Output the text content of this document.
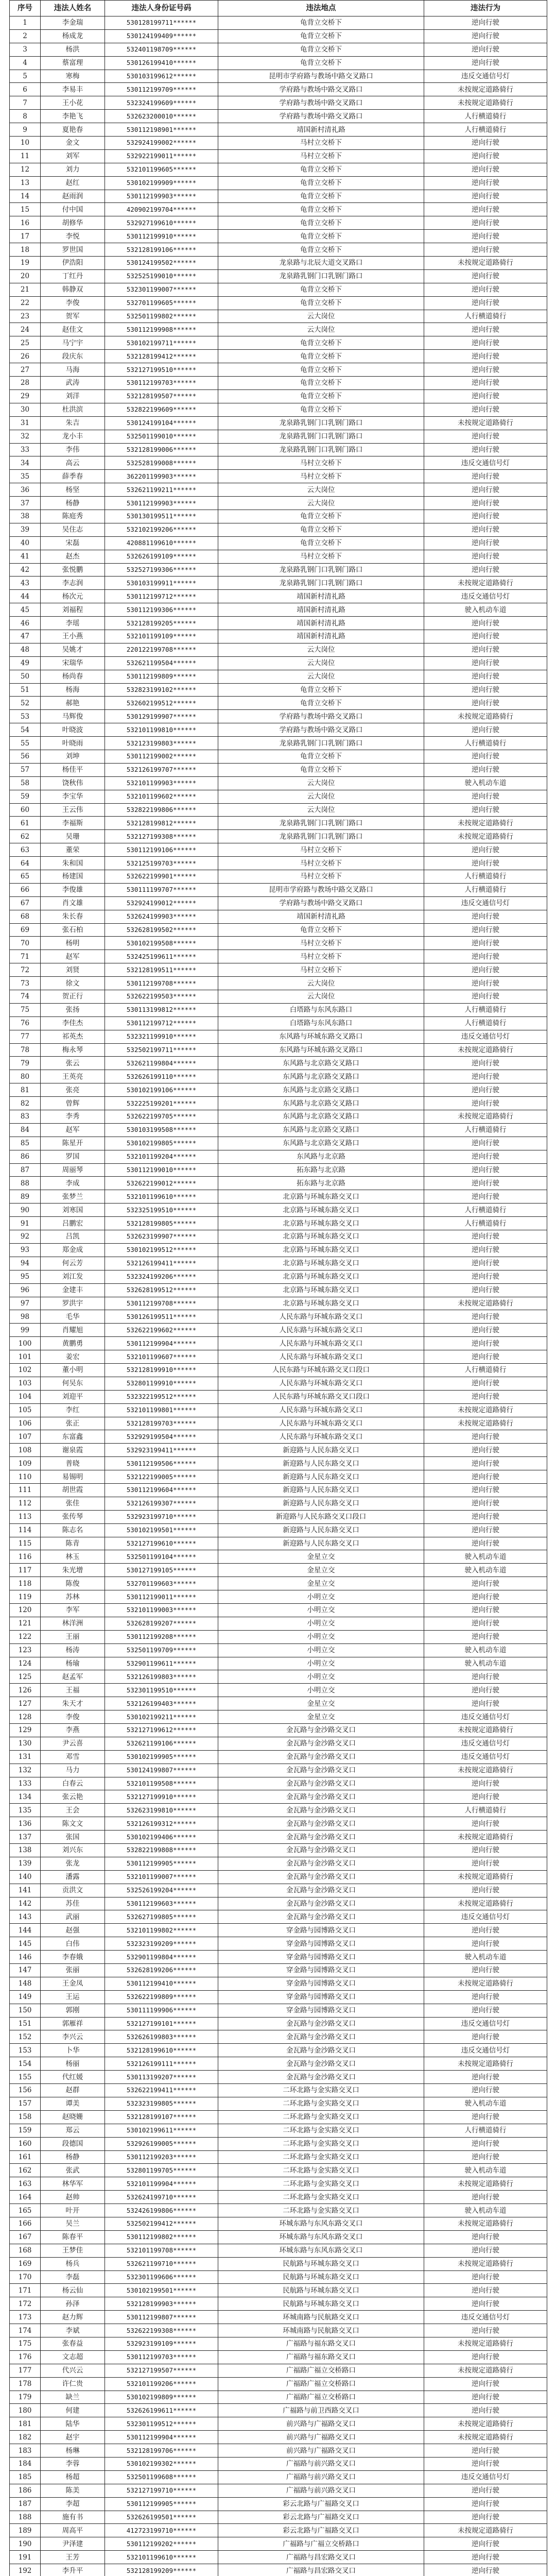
序号	违法人姓名	违法人身份证号码	违法地点	违法行为
1	李金瑞	530128199711******	龟背立交桥下	逆向行驶
2	杨成龙	530124199409******	龟背立交桥下	逆向行驶
3	杨洪	532401198709******	龟背立交桥下	逆向行驶
4	蔡富理	530126199410******	龟背立交桥下	逆向行驶
5	寒梅	530103199612******	昆明市学府路与教场中路交叉路口	违反交通信号灯
6	李易丰	530112199709******	学府路与教场中路交叉路口	未按规定道路骑行
7	王小花	532324199609******	学府路与教场中路交叉路口	未按规定道路骑行
8	李艳飞	532623200010******	学府路与教场中路交叉路口	人行横道骑行
9	夏艳春	530112198901******	靖国新村清礼路	人行横道骑行
10	金文	532924199002******	马村立交桥下	逆向行驶
11	刘军	532922199011******	马村立交桥下	逆向行驶
12	刘力	532101199605******	龟背立交桥下	逆向行驶
13	赵红	530102199909******	龟背立交桥下	逆向行驶
14	赵雨润	530112199903******	龟背立交桥下	逆向行驶
15	付中国	420902199704******	龟背立交桥下	逆向行驶
16	胡修华	532927199610******	龟背立交桥下	逆向行驶
17	李悦	530112199910******	龟背立交桥下	逆向行驶
18	罗世国	532128199106******	龟背立交桥下	逆向行驶
19	伊浩阳	530124199502******	龙泉路与北辰大道交叉路口	未按规定道路骑行
20	丁红丹	532525199010******	龙泉路乳钢门口乳钢门路口	逆向行驶
21	韩静双	532301199007******	龟背立交桥下	逆向行驶
22	李俊	532701199605******	龟背立交桥下	逆向行驶
23	贺军	532501199802******	云大岗位	人行横道骑行
24	赵佳文	530112199908******	云大岗位	逆向行驶
25	马宁宇	530102199711******	龟背立交桥下	逆向行驶
26	段庆东	532128199412******	龟背立交桥下	逆向行驶
27	马海	532127199510******	龟背立交桥下	逆向行驶
28	武涛	530112199703******	龟背立交桥下	逆向行驶
29	刘洋	532128199507******	龟背立交桥下	逆向行驶
30	杜洪滨	532822199609******	龟背立交桥下	逆向行驶
31	朱吉	530124199104******	龙泉路乳钢门口乳钢门路口	未按规定道路骑行
32	龙小丰	532501199010******	龙泉路乳钢门口乳钢门路口	逆向行驶
33	李伟	532128199006******	龙泉路乳钢门口乳钢门路口	逆向行驶
34	高云	532528199008******	马村立交桥下	违反交通信号灯
35	薛季春	362201199903******	马村立交桥下	逆向行驶
36	杨坚	532621199211******	云大岗位	逆向行驶
37	杨静	530112199903******	云大岗位	逆向行驶
38	陈庭秀	530130199511******	龟背立交桥下	逆向行驶
39	吴住志	532102199206******	龟背立交桥下	逆向行驶
40	宋磊	420881199610******	龟背立交桥下	逆向行驶
41	赵杰	532626199109******	马村立交桥下	逆向行驶
42	张悦鹏	532527199306******	龙泉路乳钢门口乳钢门路口	逆向行驶
43	李志润	530103199911******	龙泉路乳钢门口乳钢门路口	未按规定道路骑行
44	杨次元	530112199712******	靖国新村清礼路	违反交通信号灯
45	刘福程	530112199306******	靖国新村清礼路	驶入机动车道
46	李瑶	532128199205******	靖国新村清礼路	逆向行驶
47	王小燕	532101199109******	靖国新村清礼路	逆向行驶
48	吴姚才	220122199708******	云大岗位	逆向行驶
49	宋瑞华	532621199504******	云大岗位	逆向行驶
50	杨尚春	530112199809******	云大岗位	逆向行驶
51	杨海	532823199102******	龟背立交桥下	逆向行驶
52	郝艳	532602199512******	龟背立交桥下	逆向行驶
53	马辉俊	530129199907******	学府路与教场中路交叉路口	未按规定道路骑行
54	叶晓波	532101199810******	学府路与教场中路交叉路口	逆向行驶
55	叶晓雨	532123199803******	龙泉路乳钢门口乳钢门路口	人行横道骑行
56	刘坤	530112199002******	龟背立交桥下	逆向行驶
57	杨佳平	532126199707******	龟背立交桥下	逆向行驶
58	饶秋伟	532101199903******	云大岗位	驶入机动车道
59	李宝华	532101199602******	云大岗位	逆向行驶
60	王云伟	532822199806******	云大岗位	逆向行驶
61	李福斯	532128199812******	龙泉路乳钢门口乳钢门路口	未按规定道路骑行
62	吴珊	532127199308******	龙泉路乳钢门口乳钢门路口	未按规定道路骑行
63	董荣	530112199106******	马村立交桥下	逆向行驶
64	朱和国	532125199703******	马村立交桥下	逆向行驶
65	杨建国	532622199901******	马村立交桥下	人行横道骑行
66	李俊雄	530111199707******	昆明市学府路与教场中路交叉路口	人行横道骑行
67	肖文雄	532924199012******	学府路与教场中路交叉路口	违反交通信号灯
68	朱长春	532624199903******	靖国新村清礼路	逆向行驶
69	张石柏	532628199502******	龟背立交桥下	逆向行驶
70	杨明	530102199508******	马村立交桥下	逆向行驶
71	赵军	532425199611******	马村立交桥下	逆向行驶
72	刘贤	532128199511******	马村立交桥下	逆向行驶
73	徐文	530112199708******	云大岗位	逆向行驶
74	贺正行	532622199503******	云大岗位	逆向行驶
75	张扬	530113199812******	白塔路与东风东路口	人行横道骑行
76	李佳杰	530112199712******	白塔路与东风东路口	人行横道骑行
77	祁英杰	532321199910******	东风路与环城东路交叉路口	违反交通信号灯
78	梅永琴	532502199711******	东风路与环城东路交叉路口	未按规定道路骑行
79	张云	532621199804******	东风路与北京路交叉路口	逆向行驶
80	王英亮	532626199110******	东风路与北京路交叉路口	逆向行驶
81	张亮	530102199106******	东风路与北京路交叉路口	逆向行驶
82	曾辉	532225199201******	东风路与北京路交叉路口	逆向行驶
83	李秀	532622199705******	东风路与北京路交叉路口	未按规定道路骑行
84	赵军	530103199508******	东风路与北京路交叉路口	人行横道骑行
85	陈星开	530102199805******	东风路与北京路交叉路口	逆向行驶
86	罗国	532101199204******	东风路与北京路	逆向行驶
87	周丽琴	530112199010******	拓东路与北京路	逆向行驶
88	李成	532622199012******	拓东路与北京路	逆向行驶
89	张梦兰	532101199610******	北京路与环城东路交叉口	逆向行驶
90	刘寒国	532325199510******	北京路与环城东路交叉口	人行横道骑行
91	吕鹏宏	532128199805******	北京路与环城东路交叉口	人行横道骑行
92	吕凯	532623199907******	北京路与环城东路交叉口	逆向行驶
93	郑金成	530102199512******	北京路与环城东路交叉口	逆向行驶
94	何云芳	532126199411******	北京路与环城东路交叉口	逆向行驶
95	刘江发	532324199206******	北京路与环城东路交叉口	逆向行驶
96	金建丰	532628199512******	北京路与环城东路交叉口	逆向行驶
97	罗洪宇	530112199708******	北京路与环城东路交叉口	未按规定道路骑行
98	毛华	530126199511******	人民东路与环城东路交叉口	逆向行驶
99	肖耀旭	532622199602******	人民东路与环城东路交叉口	逆向行驶
100	黄鹏勇	530112199904******	人民东路与环城东路交叉口	逆向行驶
101	姜宏	532101199607******	人民东路与环城东路交叉口	逆向行驶
102	董小明	532128199910******	人民东路与环城东路交叉口段口	人行横道骑行
103	何吴东	532801199910******	人民东路与环城东路交叉口	逆向行驶
104	刘迎平	532322199512******	人民东路与环城东路交叉口段口	逆向行驶
105	李红	532101199801******	人民东路与环城东路交叉口	未按规定道路骑行
106	张正	532128199703******	人民东路与环城东路交叉口	未按规定道路骑行
107	东富鑫	532929199504******	人民东路与环城东路交叉口	逆向行驶
108	谢泉霞	532923199411******	新迎路与人民东路交叉口	逆向行驶
109	普晓	530112199506******	新迎路与人民东路交叉口	逆向行驶
110	易锡明	532122199005******	新迎路与人民东路交叉口	逆向行驶
111	胡世霞	530112199604******	新迎路与人民东路交叉口	逆向行驶
112	张佳	532126199307******	新迎路与人民东路交叉口	逆向行驶
113	张传琴	532923199710******	新迎路与人民东路交叉口段口	逆向行驶
114	陈志名	530102199501******	新迎路与人民东路交叉口	逆向行驶
115	陈青	532127199610******	新迎路与人民东路交叉口	逆向行驶
116	林玉	532501199104******	金星立交	驶入机动车道
117	朱光增	530127199105******	金星立交	驶入机动车道
118	陈俊	532701199603******	金星立交	逆向行驶
119	苏林	530112199011******	小明立交	逆向行驶
120	李军	532101199003******	小明立交	逆向行驶
121	林洋洲	532628199207******	小明立交	逆向行驶
122	王丽	530112199208******	小明立交	逆向行驶
123	杨涛	532501199709******	小明立交	驶入机动车道
124	杨瑜	532901199611******	小明立交	驶入机动车道
125	赵孟军	532126199803******	小明立交	逆向行驶
126	王福	532301199510******	小明立交	逆向行驶
127	朱天才	532126199403******	金星立交	逆向行驶
128	李俊	530102199211******	金星立交	违反交通信号灯
129	李燕	532127199612******	金瓦路与金沙路交叉口	未按规定道路骑行
130	尹云喜	532621199106******	金瓦路与金沙路交叉口	违反交通信号灯
131	邓雪	530102199905******	金瓦路与金沙路交叉口	违反交通信号灯
132	马力	530124199807******	金瓦路与金沙路交叉口	未按规定道路骑行
133	白春云	532101199508******	金瓦路与金沙路交叉口	逆向行驶
134	张云艳	532127199910******	金瓦路与金沙路交叉口	逆向行驶
135	王会	532623199810******	金瓦路与金沙路交叉口	人行横道骑行
136	陈文文	532126199312******	金瓦路与金沙路交叉口	逆向行驶
137	张国	530102199406******	金瓦路与金沙路交叉口	未按规定道路骑行
138	刘兴东	532822199808******	金瓦路与金沙路交叉口	逆向行驶
139	张龙	530112199905******	金瓦路与金沙路交叉口	逆向行驶
140	潘露	532101199007******	金瓦路与金沙路交叉口	未按规定道路骑行
141	贡洪文	532526199204******	金瓦路与金沙路交叉口	逆向行驶
142	苏佳	530112199603******	金瓦路与金沙路交叉口	未按规定道路骑行
143	武丽	532627199805******	金瓦路与金沙路交叉口	违反交通信号灯
144	赵强	532101199802******	穿金路与园博路交叉口	逆向行驶
145	白伟	532323199209******	穿金路与园博路交叉口	逆向行驶
146	李春娥	532901199804******	穿金路与园博路交叉口	驶入机动车道
147	张丽	532628199206******	穿金路与园博路交叉口	逆向行驶
148	王金凤	530112199410******	穿金路与园博路交叉口	未按规定道路骑行
149	王运	532622199809******	穿金路与园博路交叉口	逆向行驶
150	郭刚	530111199906******	穿金路与园博路交叉口	逆向行驶
151	郭雁祥	532127199101******	金瓦路与金沙路交叉口	违反交通信号灯
152	李兴云	532626199803******	金瓦路与金沙路交叉口	逆向行驶
153	卜华	532128199610******	金瓦路与金沙路交叉口	违反交通信号灯
154	杨丽	532126199111******	金瓦路与金沙路交叉口	未按规定道路骑行
155	代红媛	530113199207******	金瓦路与金沙路交叉口	逆向行驶
156	赵群	532622199411******	二环北路与金实路交叉口	逆向行驶
157	谭美	532323199805******	二环北路与金实路交叉口	驶入机动车道
158	赵晓姗	532128199107******	二环北路与金实路交叉口	逆向行驶
159	郑云	530102199611******	二环北路与金实路交叉口	人行横道骑行
160	段德国	532926199005******	二环北路与金实路交叉口	逆向行驶
161	杨静	530112199203******	二环北路与金实路交叉口	逆向行驶
162	张武	532801199705******	二环北路与金实路交叉口	驶入机动车道
163	林华军	532101199904******	二环北路与金实路交叉口	未按规定道路骑行
164	赵帅	532624199710******	二环北路与金实路交叉口	逆向行驶
165	叶开	532426199806******	二环北路与金实路交叉口	驶入机动车道
166	吴兰	532502199412******	环城东路与东风东路交叉口	未按规定道路骑行
167	陈春平	530112199802******	环城东路与东风东路交叉口	逆向行驶
168	王梦佳	532101199708******	环城东路与东风东路交叉口	逆向行驶
169	杨兵	532621199710******	民航路与环城东路交叉口	未按规定道路骑行
170	李磊	532301199606******	民航路与环城东路交叉口	逆向行驶
171	杨云仙	530102199501******	民航路与环城东路交叉口	逆向行驶
172	孙泽	532128199903******	民航路与环城东路交叉口	逆向行驶
173	赵力辉	530112199807******	环城南路与民航路交叉口	违反交通信号灯
174	李斌	532622199308******	环城南路与民航路交叉口	逆向行驶
175	张春益	532923199109******	广福路与福东路交叉口	未按规定道路骑行
176	文志超	530112199703******	广福路与福东路交叉口	逆向行驶
177	代兴云	532127199507******	广福路广福立交桥路口	未按规定道路骑行
178	许仁贵	532101199206******	广福路广福立交桥路口	逆向行驶
179	缺兰	530102199809******	广福路广福立交桥路口	逆向行驶
180	何建	532626199611******	广福路与前卫西路交叉口	逆向行驶
181	陆华	532301199512******	前兴路与广福路交叉口	未按规定道路骑行
182	赵宇	530112199904******	前兴路与广福路交叉口	未按规定道路骑行
183	杨琳	532128199706******	前兴路与广福路交叉口	逆向行驶
184	李蓉	530102199302******	广福路与前兴路交叉口	逆向行驶
185	杨超	532501199608******	广福路与前兴路交叉口	违反交通信号灯
186	陈美	532127199710******	广福路与前兴路交叉口	逆向行驶
187	李超	530112199905******	彩云北路与广福路交叉口	逆向行驶
188	施有书	532626199501******	彩云北路与广福路交叉口	逆向行驶
189	周高平	412723199710******	彩云北路与广福路交叉口	未按规定道路骑行
190	尹泽建	530112199202******	广福路与广福立交桥路口	逆向行驶
191	王芳	532101199610******	广福路与昌宏路交叉口	逆向行驶
192	李升平	532128199209******	广福路与昌宏路交叉口	逆向行驶
